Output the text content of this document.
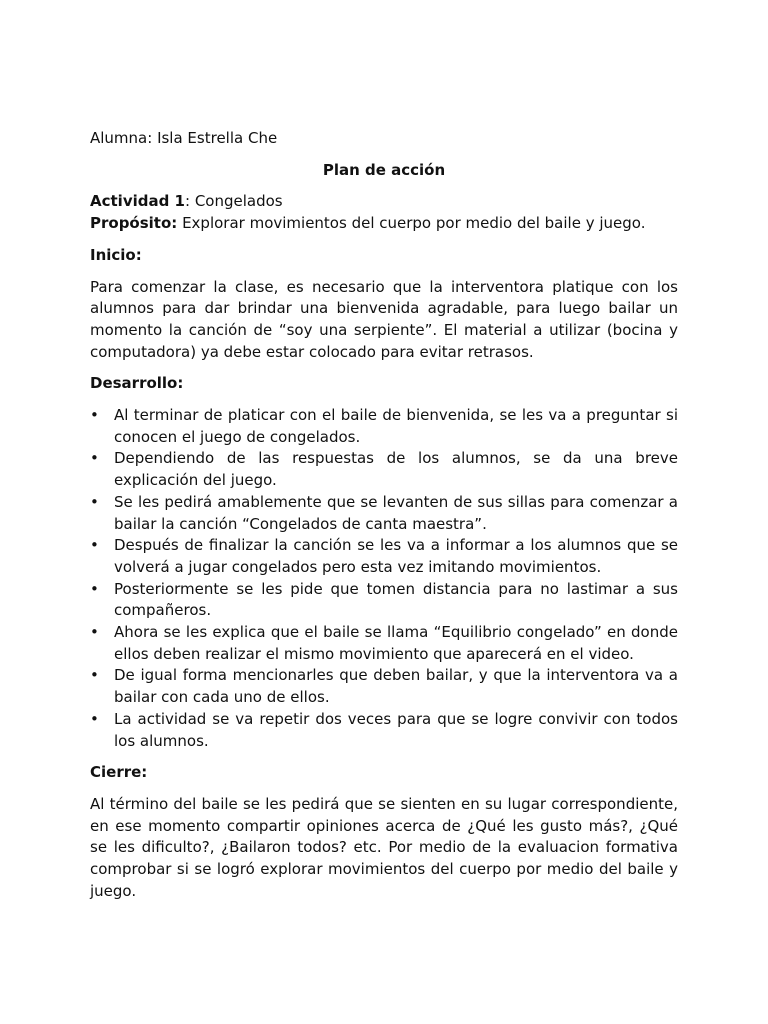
Alumna: Isla Estrella Che

Plan de acción

Actividad 1: Congelados

Propósito: Explorar movimientos del cuerpo por medio del baile y juego.

Inicio:

Para comenzar la clase, es necesario que la interventora platique con los alumnos para dar brindar una bienvenida agradable, para luego bailar un momento la canción de “soy una serpiente”. El material a utilizar (bocina y computadora) ya debe estar colocado para evitar retrasos.

Desarrollo:

• Al terminar de platicar con el baile de bienvenida, se les va a preguntar si conocen el juego de congelados.
• Dependiendo de las respuestas de los alumnos, se da una breve explicación del juego.
• Se les pedirá amablemente que se levanten de sus sillas para comenzar a bailar la canción “Congelados de canta maestra”.
• Después de finalizar la canción se les va a informar a los alumnos que se volverá a jugar congelados pero esta vez imitando movimientos.
• Posteriormente se les pide que tomen distancia para no lastimar a sus compañeros.
• Ahora se les explica que el baile se llama “Equilibrio congelado” en donde ellos deben realizar el mismo movimiento que aparecerá en el video.
• De igual forma mencionarles que deben bailar, y que la interventora va a bailar con cada uno de ellos.
• La actividad se va repetir dos veces para que se logre convivir con todos los alumnos.

Cierre:

Al término del baile se les pedirá que se sienten en su lugar correspondiente, en ese momento compartir opiniones acerca de ¿Qué les gusto más?, ¿Qué se les dificulto?, ¿Bailaron todos? etc. Por medio de la evaluacion formativa comprobar si se logró explorar movimientos del cuerpo por medio del baile y juego.
